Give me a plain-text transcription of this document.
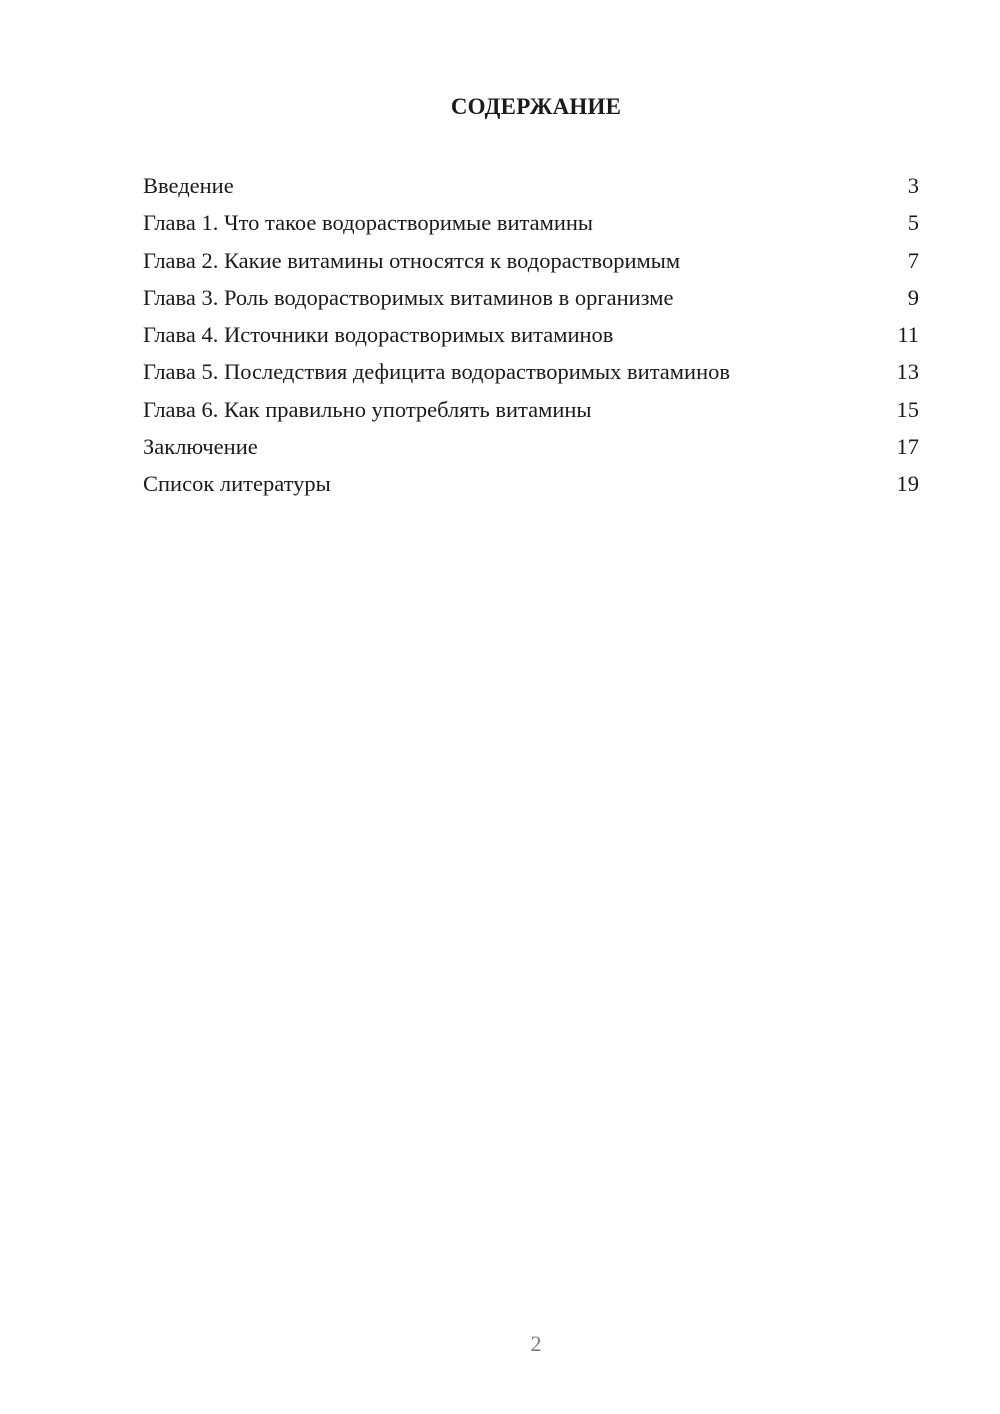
СОДЕРЖАНИЕ
Введение	3
Глава 1. Что такое водорастворимые витамины	5
Глава 2. Какие витамины относятся к водорастворимым	7
Глава 3. Роль водорастворимых витаминов в организме	9
Глава 4. Источники водорастворимых витаминов	11
Глава 5. Последствия дефицита водорастворимых витаминов	13
Глава 6. Как правильно употреблять витамины	15
Заключение	17
Список литературы	19
2
